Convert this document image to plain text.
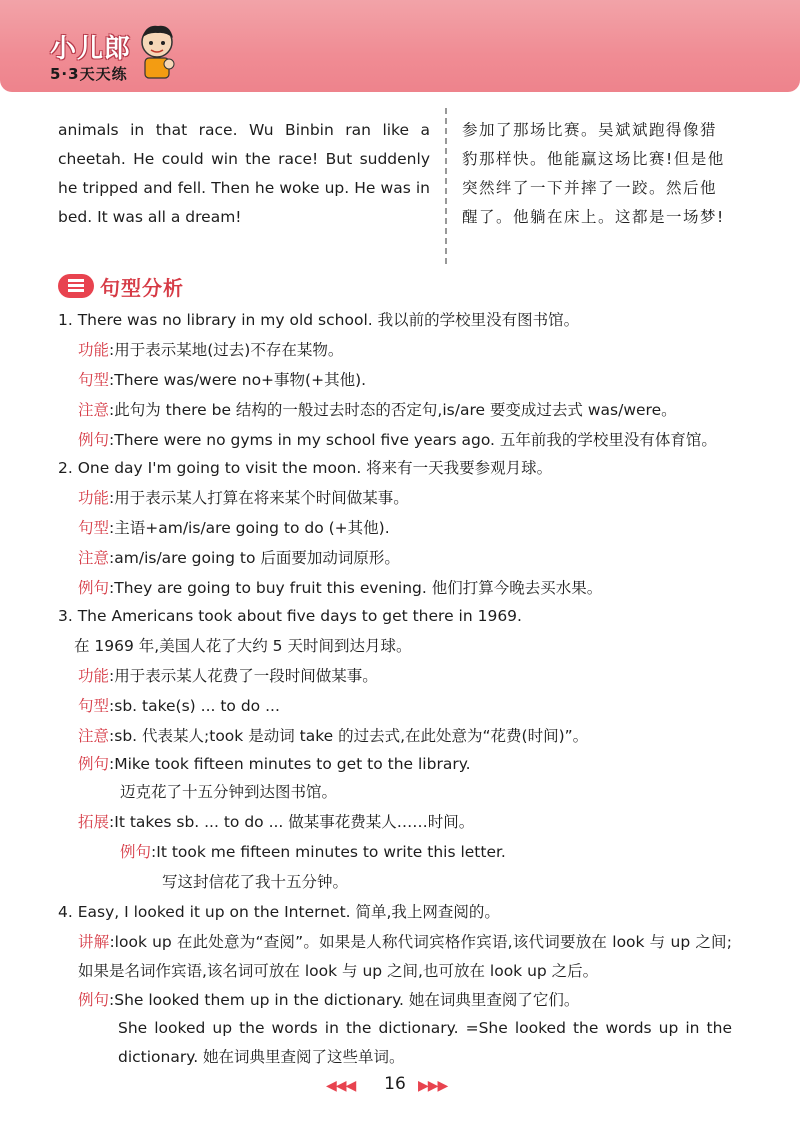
小儿郎
5·3天天练
animals in that race. Wu Binbin ran like a cheetah. He could win the race! But suddenly he tripped and fell. Then he woke up. He was in bed. It was all a dream!
参加了那场比赛。吴斌斌跑得像猎豹那样快。他能赢这场比赛!但是他突然绊了一下并摔了一跤。然后他醒了。他躺在床上。这都是一场梦!
句型分析
1. There was no library in my old school. 我以前的学校里没有图书馆。
功能:用于表示某地(过去)不存在某物。
句型:There was/were no+事物(+其他).
注意:此句为 there be 结构的一般过去时态的否定句,is/are 要变成过去式 was/were。
例句:There were no gyms in my school five years ago. 五年前我的学校里没有体育馆。
2. One day I'm going to visit the moon. 将来有一天我要参观月球。
功能:用于表示某人打算在将来某个时间做某事。
句型:主语+am/is/are going to do (+其他).
注意:am/is/are going to 后面要加动词原形。
例句:They are going to buy fruit this evening. 他们打算今晚去买水果。
3. The Americans took about five days to get there in 1969.
在 1969 年,美国人花了大约 5 天时间到达月球。
功能:用于表示某人花费了一段时间做某事。
句型:sb. take(s) ... to do ...
注意:sb. 代表某人;took 是动词 take 的过去式,在此处意为“花费(时间)”。
例句:Mike took fifteen minutes to get to the library.
迈克花了十五分钟到达图书馆。
拓展:It takes sb. ... to do ... 做某事花费某人……时间。
例句:It took me fifteen minutes to write this letter.
写这封信花了我十五分钟。
4. Easy, I looked it up on the Internet. 简单,我上网查阅的。
讲解:look up 在此处意为“查阅”。如果是人称代词宾格作宾语,该代词要放在 look 与 up 之间;如果是名词作宾语,该名词可放在 look 与 up 之间,也可放在 look up 之后。
例句:She looked them up in the dictionary. 她在词典里查阅了它们。
She looked up the words in the dictionary. =She looked the words up in the dictionary. 她在词典里查阅了这些单词。
◀◀◀ 16 ▶▶▶
